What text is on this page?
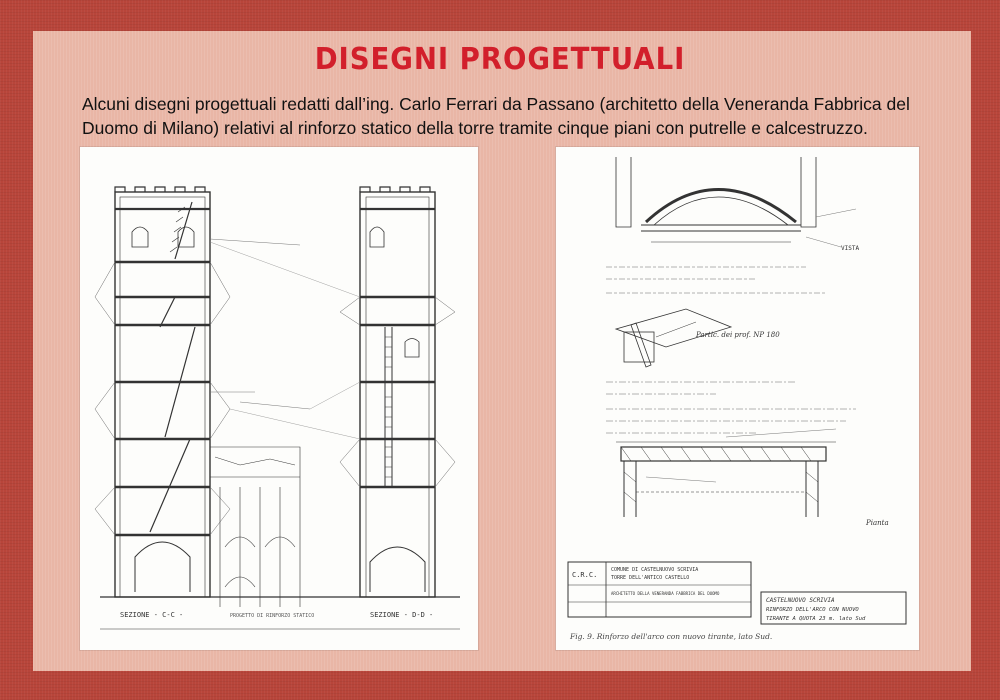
DISEGNI PROGETTUALI
Alcuni disegni progettuali redatti dall’ing. Carlo Ferrari da Passano (architetto della Veneranda Fabbrica del Duomo di Milano) relativi al rinforzo statico della torre tramite cinque piani con putrelle e calcestruzzo.
SEZIONE - C-C -	SEZIONE - D-D -
PROGETTO DI RINFORZO STATICO
Partic. dei prof. NP 180
VISTA
Pianta
C.R.C.
COMUNE DI CASTELNUOVO SCRIVIA
TORRE DELL'ANTICO CASTELLO
ARCHITETTO DELLA VENERANDA FABBRICA DEL DUOMO
CASTELNUOVO SCRIVIA
RINFORZO DELL'ARCO CON NUOVO
TIRANTE A QUOTA 23 m. lato Sud
Fig. 9. Rinforzo dell'arco con nuovo tirante, lato Sud.
